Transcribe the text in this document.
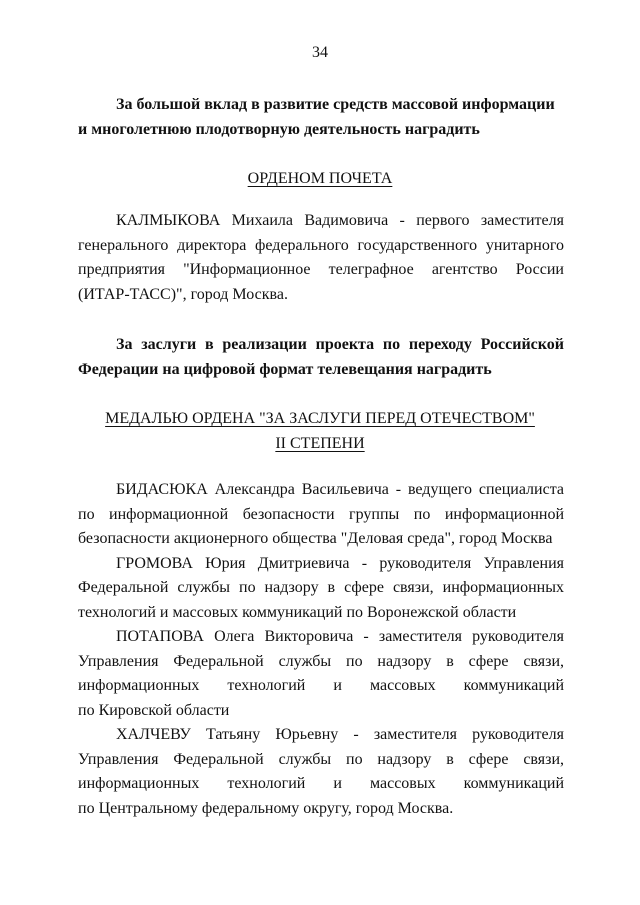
34
За большой вклад в развитие средств массовой информации
и многолетнюю плодотворную деятельность наградить
ОРДЕНОМ ПОЧЕТА
КАЛМЫКОВА Михаила Вадимовича - первого заместителя
генерального директора федерального государственного унитарного
предприятия "Информационное телеграфное агентство России
(ИТАР-ТАСС)", город Москва.
За заслуги в реализации проекта по переходу Российской
Федерации на цифровой формат телевещания наградить
МЕДАЛЬЮ ОРДЕНА "ЗА ЗАСЛУГИ ПЕРЕД ОТЕЧЕСТВОМ"
II СТЕПЕНИ
БИДАСЮКА Александра Васильевича - ведущего специалиста
по информационной безопасности группы по информационной
безопасности акционерного общества "Деловая среда", город Москва
ГРОМОВА Юрия Дмитриевича - руководителя Управления
Федеральной службы по надзору в сфере связи, информационных
технологий и массовых коммуникаций по Воронежской области
ПОТАПОВА Олега Викторовича - заместителя руководителя
Управления Федеральной службы по надзору в сфере связи,
информационных технологий и массовых коммуникаций
по Кировской области
ХАЛЧЕВУ Татьяну Юрьевну - заместителя руководителя
Управления Федеральной службы по надзору в сфере связи,
информационных технологий и массовых коммуникаций
по Центральному федеральному округу, город Москва.
